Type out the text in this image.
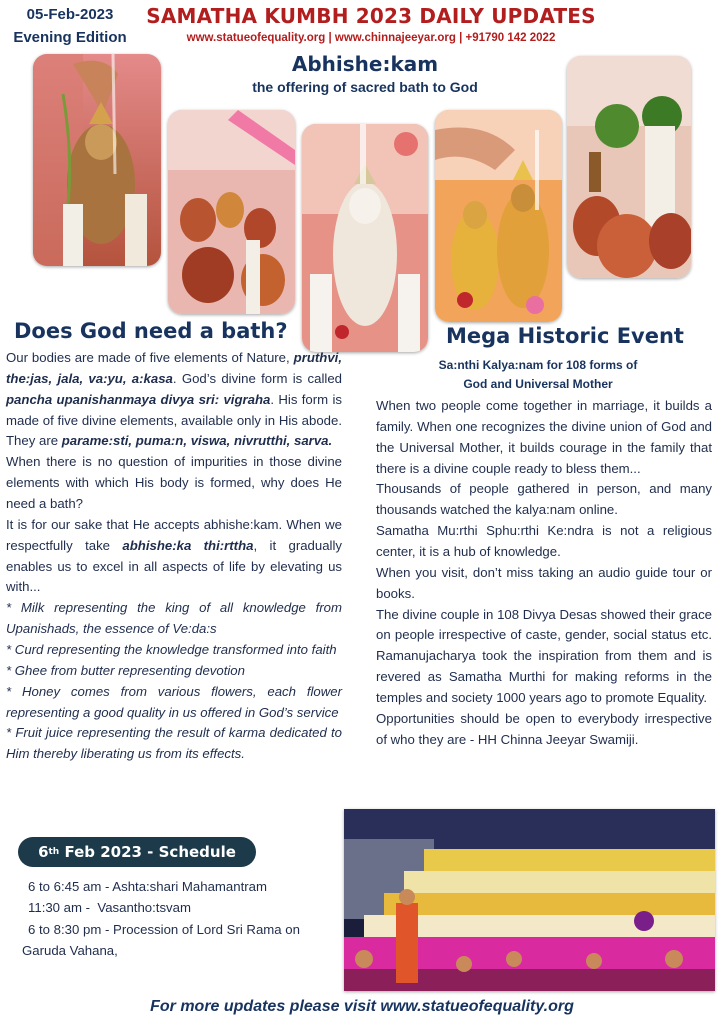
05-Feb-2023
Evening Edition
SAMATHA KUMBH 2023 DAILY UPDATES
www.statueofequality.org | www.chinnajeeyar.org | +91790 142 2022
Abhishe:kam
the offering of sacred bath to God
Does God need a bath?	Mega Historic Event
Sa:nthi Kalya:nam for 108 forms of
God and Universal Mother

Our bodies are made of five elements of Nature, pruthvi, the:jas, jala, va:yu, a:kasa. God’s divine form is called pancha upanishanmaya divya sri: vigraha. His form is made of five divine elements, available only in His abode. They are parame:sti, puma:n, viswa, nivrutthi, sarva.

When there is no question of impurities in those divine elements with which His body is formed, why does He need a bath?

It is for our sake that He accepts abhishe:kam. When we respectfully take abhishe:ka thi:rttha, it gradually enables us to excel in all aspects of life by elevating us with...

* Milk representing the king of all knowledge from Upanishads, the essence of Ve:da:s

* Curd representing the knowledge transformed into faith

* Ghee from butter representing devotion

* Honey comes from various flowers, each flower representing a good quality in us offered in God’s service

* Fruit juice representing the result of karma dedicated to Him thereby liberating us from its effects.

When two people come together in marriage, it builds a family. When one recognizes the divine union of God and the Universal Mother, it builds courage in the family that there is a divine couple ready to bless them...

Thousands of people gathered in person, and many thousands watched the kalya:nam online.

Samatha Mu:rthi Sphu:rthi Ke:ndra is not a religious center, it is a hub of knowledge.

When you visit, don’t miss taking an audio guide tour or books.

The divine couple in 108 Divya Desas showed their grace on people irrespective of caste, gender, social status etc. Ramanujacharya took the inspiration from them and is revered as Samatha Murthi for making reforms in the temples and society 1000 years ago to promote Equality.

Opportunities should be open to everybody irrespective of who they are - HH Chinna Jeeyar Swamiji.

6 th Feb 2023 - Schedule
6 to 6:45 am - Ashta:shari Mahamantram
11:30 am -  Vasantho:tsvam
6 to 8:30 pm - Procession of Lord Sri Rama on
Garuda Vahana,
For more updates please visit www.statueofequality.org
